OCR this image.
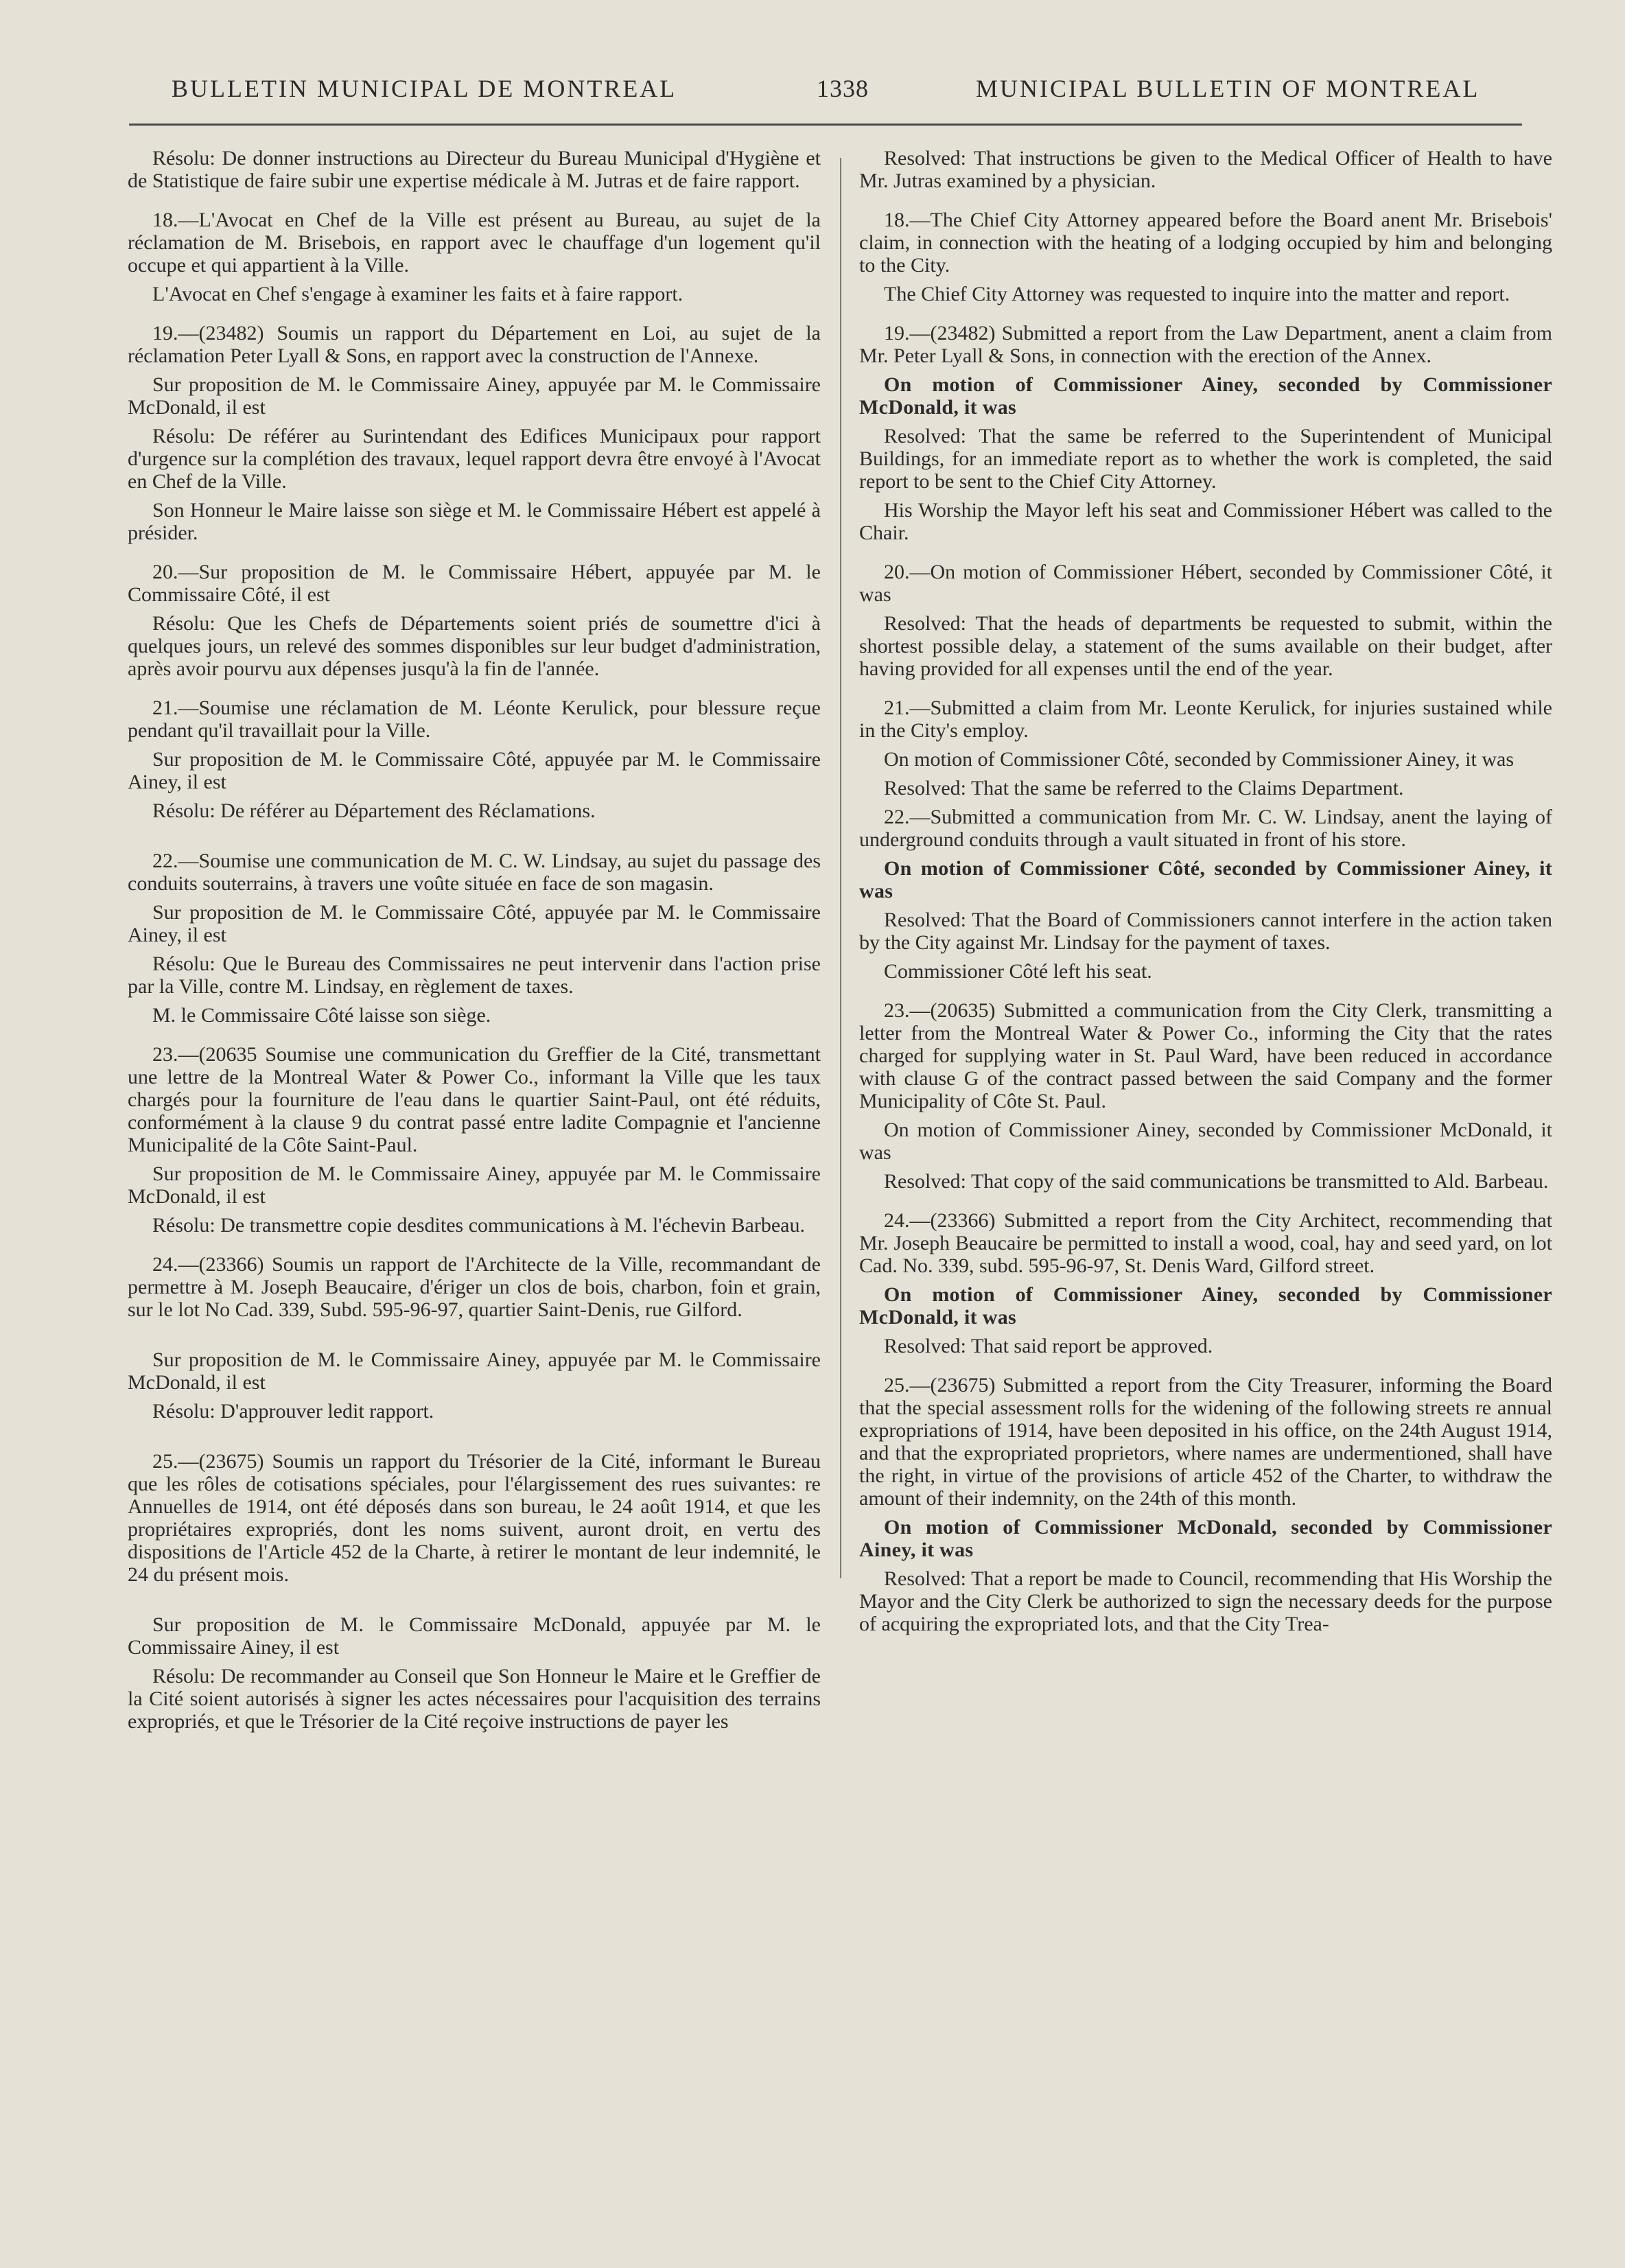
BULLETIN MUNICIPAL DE MONTREAL	1338	MUNICIPAL BULLETIN OF MONTREAL

Résolu: De donner instructions au Directeur du Bureau Municipal d'Hygiène et de Statistique de faire subir une expertise médicale à M. Jutras et de faire rapport.

18.—L'Avocat en Chef de la Ville est présent au Bureau, au sujet de la réclamation de M. Brisebois, en rapport avec le chauffage d'un logement qu'il occupe et qui appartient à la Ville.

L'Avocat en Chef s'engage à examiner les faits et à faire rapport.

19.—(23482) Soumis un rapport du Département en Loi, au sujet de la réclamation Peter Lyall & Sons, en rapport avec la construction de l'Annexe.

Sur proposition de M. le Commissaire Ainey, appuyée par M. le Commissaire McDonald, il est

Résolu: De référer au Surintendant des Edifices Municipaux pour rapport d'urgence sur la complétion des travaux, lequel rapport devra être envoyé à l'Avocat en Chef de la Ville.

Son Honneur le Maire laisse son siège et M. le Commissaire Hébert est appelé à présider.

20.—Sur proposition de M. le Commissaire Hébert, appuyée par M. le Commissaire Côté, il est

Résolu: Que les Chefs de Départements soient priés de soumettre d'ici à quelques jours, un relevé des sommes disponibles sur leur budget d'administration, après avoir pourvu aux dépenses jusqu'à la fin de l'année.

21.—Soumise une réclamation de M. Léonte Kerulick, pour blessure reçue pendant qu'il travaillait pour la Ville.

Sur proposition de M. le Commissaire Côté, appuyée par M. le Commissaire Ainey, il est

Résolu: De référer au Département des Réclamations.

22.—Soumise une communication de M. C. W. Lindsay, au sujet du passage des conduits souterrains, à travers une voûte située en face de son magasin.

Sur proposition de M. le Commissaire Côté, appuyée par M. le Commissaire Ainey, il est

Résolu: Que le Bureau des Commissaires ne peut intervenir dans l'action prise par la Ville, contre M. Lindsay, en règlement de taxes.

M. le Commissaire Côté laisse son siège.

23.—(20635 Soumise une communication du Greffier de la Cité, transmettant une lettre de la Montreal Water & Power Co., informant la Ville que les taux chargés pour la fourniture de l'eau dans le quartier Saint-Paul, ont été réduits, conformément à la clause 9 du contrat passé entre ladite Compagnie et l'ancienne Municipalité de la Côte Saint-Paul.

Sur proposition de M. le Commissaire Ainey, appuyée par M. le Commissaire McDonald, il est

Résolu: De transmettre copie desdites communications à M. l'échevin Barbeau.

24.—(23366) Soumis un rapport de l'Architecte de la Ville, recommandant de permettre à M. Joseph Beaucaire, d'ériger un clos de bois, charbon, foin et grain, sur le lot No Cad. 339, Subd. 595-96-97, quartier Saint-Denis, rue Gilford.

Sur proposition de M. le Commissaire Ainey, appuyée par M. le Commissaire McDonald, il est

Résolu: D'approuver ledit rapport.

25.—(23675) Soumis un rapport du Trésorier de la Cité, informant le Bureau que les rôles de cotisations spéciales, pour l'élargissement des rues suivantes: re Annuelles de 1914, ont été déposés dans son bureau, le 24 août 1914, et que les propriétaires expropriés, dont les noms suivent, auront droit, en vertu des dispositions de l'Article 452 de la Charte, à retirer le montant de leur indemnité, le 24 du présent mois.

Sur proposition de M. le Commissaire McDonald, appuyée par M. le Commissaire Ainey, il est

Résolu: De recommander au Conseil que Son Honneur le Maire et le Greffier de la Cité soient autorisés à signer les actes nécessaires pour l'acquisition des terrains expropriés, et que le Trésorier de la Cité reçoive instructions de payer les

Resolved: That instructions be given to the Medical Officer of Health to have Mr. Jutras examined by a physician.

18.—The Chief City Attorney appeared before the Board anent Mr. Brisebois' claim, in connection with the heating of a lodging occupied by him and belonging to the City.

The Chief City Attorney was requested to inquire into the matter and report.

19.—(23482) Submitted a report from the Law Department, anent a claim from Mr. Peter Lyall & Sons, in connection with the erection of the Annex.

On motion of Commissioner Ainey, seconded by Commissioner McDonald, it was

Resolved: That the same be referred to the Superintendent of Municipal Buildings, for an immediate report as to whether the work is completed, the said report to be sent to the Chief City Attorney.

His Worship the Mayor left his seat and Commissioner Hébert was called to the Chair.

20.—On motion of Commissioner Hébert, seconded by Commissioner Côté, it was

Resolved: That the heads of departments be requested to submit, within the shortest possible delay, a statement of the sums available on their budget, after having provided for all expenses until the end of the year.

21.—Submitted a claim from Mr. Leonte Kerulick, for injuries sustained while in the City's employ.

On motion of Commissioner Côté, seconded by Commissioner Ainey, it was

Resolved: That the same be referred to the Claims Department.

22.—Submitted a communication from Mr. C. W. Lindsay, anent the laying of underground conduits through a vault situated in front of his store.

On motion of Commissioner Côté, seconded by Commissioner Ainey, it was

Resolved: That the Board of Commissioners cannot interfere in the action taken by the City against Mr. Lindsay for the payment of taxes.

Commissioner Côté left his seat.

23.—(20635) Submitted a communication from the City Clerk, transmitting a letter from the Montreal Water & Power Co., informing the City that the rates charged for supplying water in St. Paul Ward, have been reduced in accordance with clause G of the contract passed between the said Company and the former Municipality of Côte St. Paul.

On motion of Commissioner Ainey, seconded by Commissioner McDonald, it was

Resolved: That copy of the said communications be transmitted to Ald. Barbeau.

24.—(23366) Submitted a report from the City Architect, recommending that Mr. Joseph Beaucaire be permitted to install a wood, coal, hay and seed yard, on lot Cad. No. 339, subd. 595-96-97, St. Denis Ward, Gilford street.

On motion of Commissioner Ainey, seconded by Commissioner McDonald, it was

Resolved: That said report be approved.

25.—(23675) Submitted a report from the City Treasurer, informing the Board that the special assessment rolls for the widening of the following streets re annual expropriations of 1914, have been deposited in his office, on the 24th August 1914, and that the expropriated proprietors, where names are undermentioned, shall have the right, in virtue of the provisions of article 452 of the Charter, to withdraw the amount of their indemnity, on the 24th of this month.

On motion of Commissioner McDonald, seconded by Commissioner Ainey, it was

Resolved: That a report be made to Council, recommending that His Worship the Mayor and the City Clerk be authorized to sign the necessary deeds for the purpose of acquiring the expropriated lots, and that the City Trea-
